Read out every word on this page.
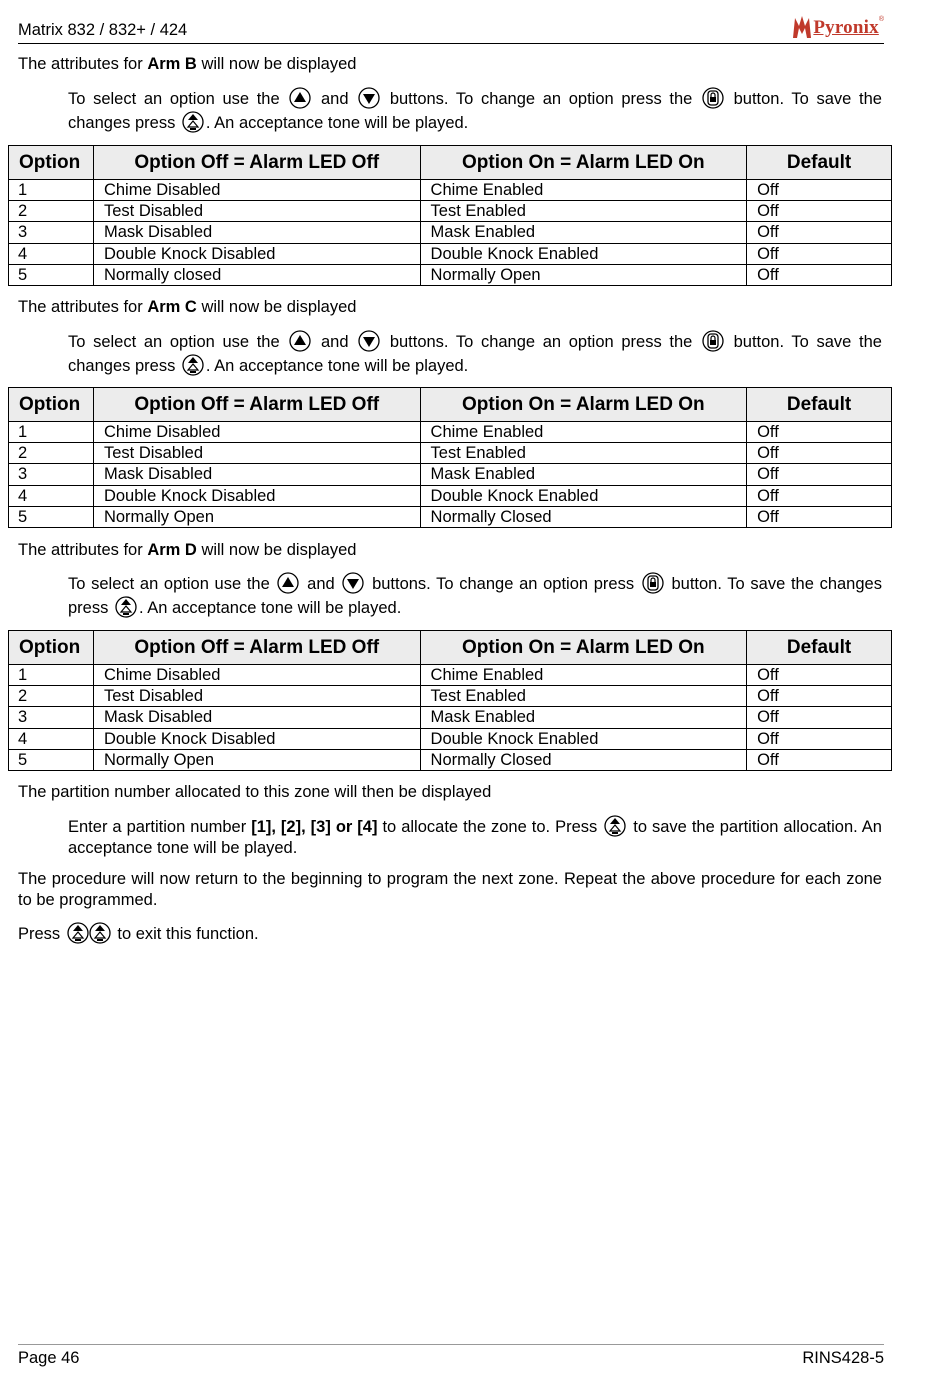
Matrix 832 / 832+ / 424	Pyronix ®
The attributes for Arm B will now be displayed
To select an option use the	and	buttons. To change an option press the	button. To save the changes press . An acceptance tone will be played.
Option	Option Off = Alarm LED Off	Option On = Alarm LED On	Default
1	Chime Disabled	Chime Enabled	Off
2	Test Disabled	Test Enabled	Off
3	Mask Disabled	Mask Enabled	Off
4	Double Knock Disabled	Double Knock Enabled	Off
5	Normally closed	Normally Open	Off
The attributes for Arm C will now be displayed
To select an option use the	and	buttons. To change an option press the	button. To save the changes press . An acceptance tone will be played.
Option	Option Off = Alarm LED Off	Option On = Alarm LED On	Default
1	Chime Disabled	Chime Enabled	Off
2	Test Disabled	Test Enabled	Off
3	Mask Disabled	Mask Enabled	Off
4	Double Knock Disabled	Double Knock Enabled	Off
5	Normally Open	Normally Closed	Off
The attributes for Arm D will now be displayed
To select an option use the and buttons. To change an option press button. To save the changes press . An acceptance tone will be played.
Option	Option Off = Alarm LED Off	Option On = Alarm LED On	Default
1	Chime Disabled	Chime Enabled	Off
2	Test Disabled	Test Enabled	Off
3	Mask Disabled	Mask Enabled	Off
4	Double Knock Disabled	Double Knock Enabled	Off
5	Normally Open	Normally Closed	Off
The partition number allocated to this zone will then be displayed
Enter a partition number [1], [2], [3] or [4] to allocate the zone to. Press to save the partition allocation. An acceptance tone will be played.
The procedure will now return to the beginning to program the next zone. Repeat the above procedure for each zone to be programmed.
Press	to exit this function.
Page 46	RINS428-5
